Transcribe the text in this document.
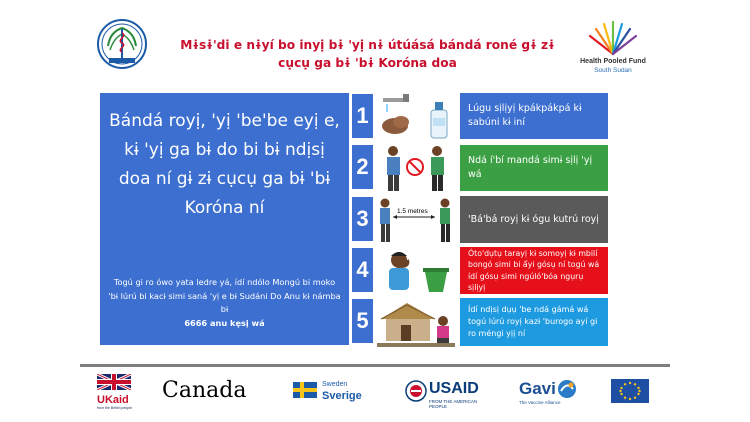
Mɨsɨ'di e nɨyí bo inyị bɨ 'yị nɨ útúásá bándá roné gɨ zɨ
cụcụ ga bɨ 'bɨ Koróna doa	Health Pooled Fund
South Sudan
Bándá royị, 'yị 'be'be eyị e, kɨ 'yị ga bɨ do bi bɨ ndịsị doa ní gɨ zɨ cụcụ ga bɨ 'bɨ Koróna ní
Togú gi ro ówo yata ledre yá, ídí ndólo Mongú bi moko 'bɨ lúrú bi kacɨ simi saná 'yị e bɨ Sudáni Do Anu kɨ námba bɨ
6666 anu kẹsị wá
1
2
3
4
5
1.5 metres
Lúgu sịlịyị kpákpákpá kɨ sabúni kɨ iní
Ndá í'bí mandá simɨ sịlị 'yị wá
'Bá'bá royị kɨ ógu kutrú royị
Óto'dụtụ tarayị kɨ somoyị kɨ mbilí bongó simi bi ẩyi gósụ ní togú wá ídí gósụ simi ngúló'bóa ngụrụ sịlịyị
Ídí ndịsị dụụ 'be ndá gámá wá togú lúrú royị kazɨ 'burogo ayí gi ro méngi yịị ní
UKaid
from the British people
Canada	Sweden
Sverige	USAID
FROM THE AMERICAN PEOPLE
Gavi
The Vaccine Alliance
